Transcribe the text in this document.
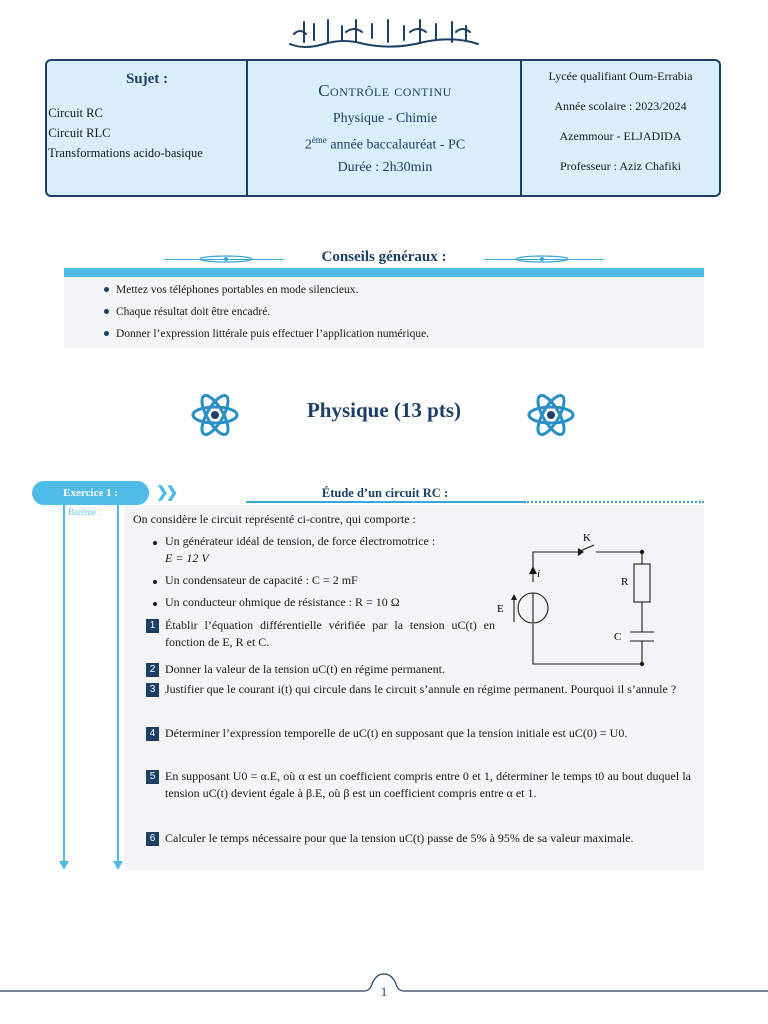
Sujet :
- Circuit RC
- Circuit RLC
- Transformations acido-basique
Contrôle continu
Physique - Chimie
2ème année baccalauréat - PC
Durée : 2h30min
Lycée qualifiant Oum-Errabia
Année scolaire : 2023/2024
Azemmour - ELJADIDA
Professeur : Aziz Chafiki
Conseils généraux :
Mettez vos téléphones portables en mode silencieux.
Chaque résultat doit être encadré.
Donner l’expression littérale puis effectuer l’application numérique.
Physique (13 pts)
Exercice 1 :	❯❯	Étude d’un circuit RC :
Barème :	On considère le circuit représenté ci-contre, qui comporte :
Un générateur idéal de tension, de force électromotrice :
E = 12 V
Un condensateur de capacité : C = 2 mF
Un conducteur ohmique de résistance : R = 10 Ω
K
i
E
R
C
1 Établir l’équation différentielle vérifiée par la tension uC(t) en fonction de E, R et C.
2 Donner la valeur de la tension uC(t) en régime permanent.
3 Justifier que le courant i(t) qui circule dans le circuit s’annule en régime permanent. Pourquoi il s’annule ?
4 Déterminer l’expression temporelle de uC(t) en supposant que la tension initiale est uC(0) = U0.
5 En supposant U0 = α.E, où α est un coefficient compris entre 0 et 1, déterminer le temps t0 au bout duquel la tension uC(t) devient égale à β.E, où β est un coefficient compris entre α et 1.
6 Calculer le temps nécessaire pour que la tension uC(t) passe de 5% à 95% de sa valeur maximale.
1
